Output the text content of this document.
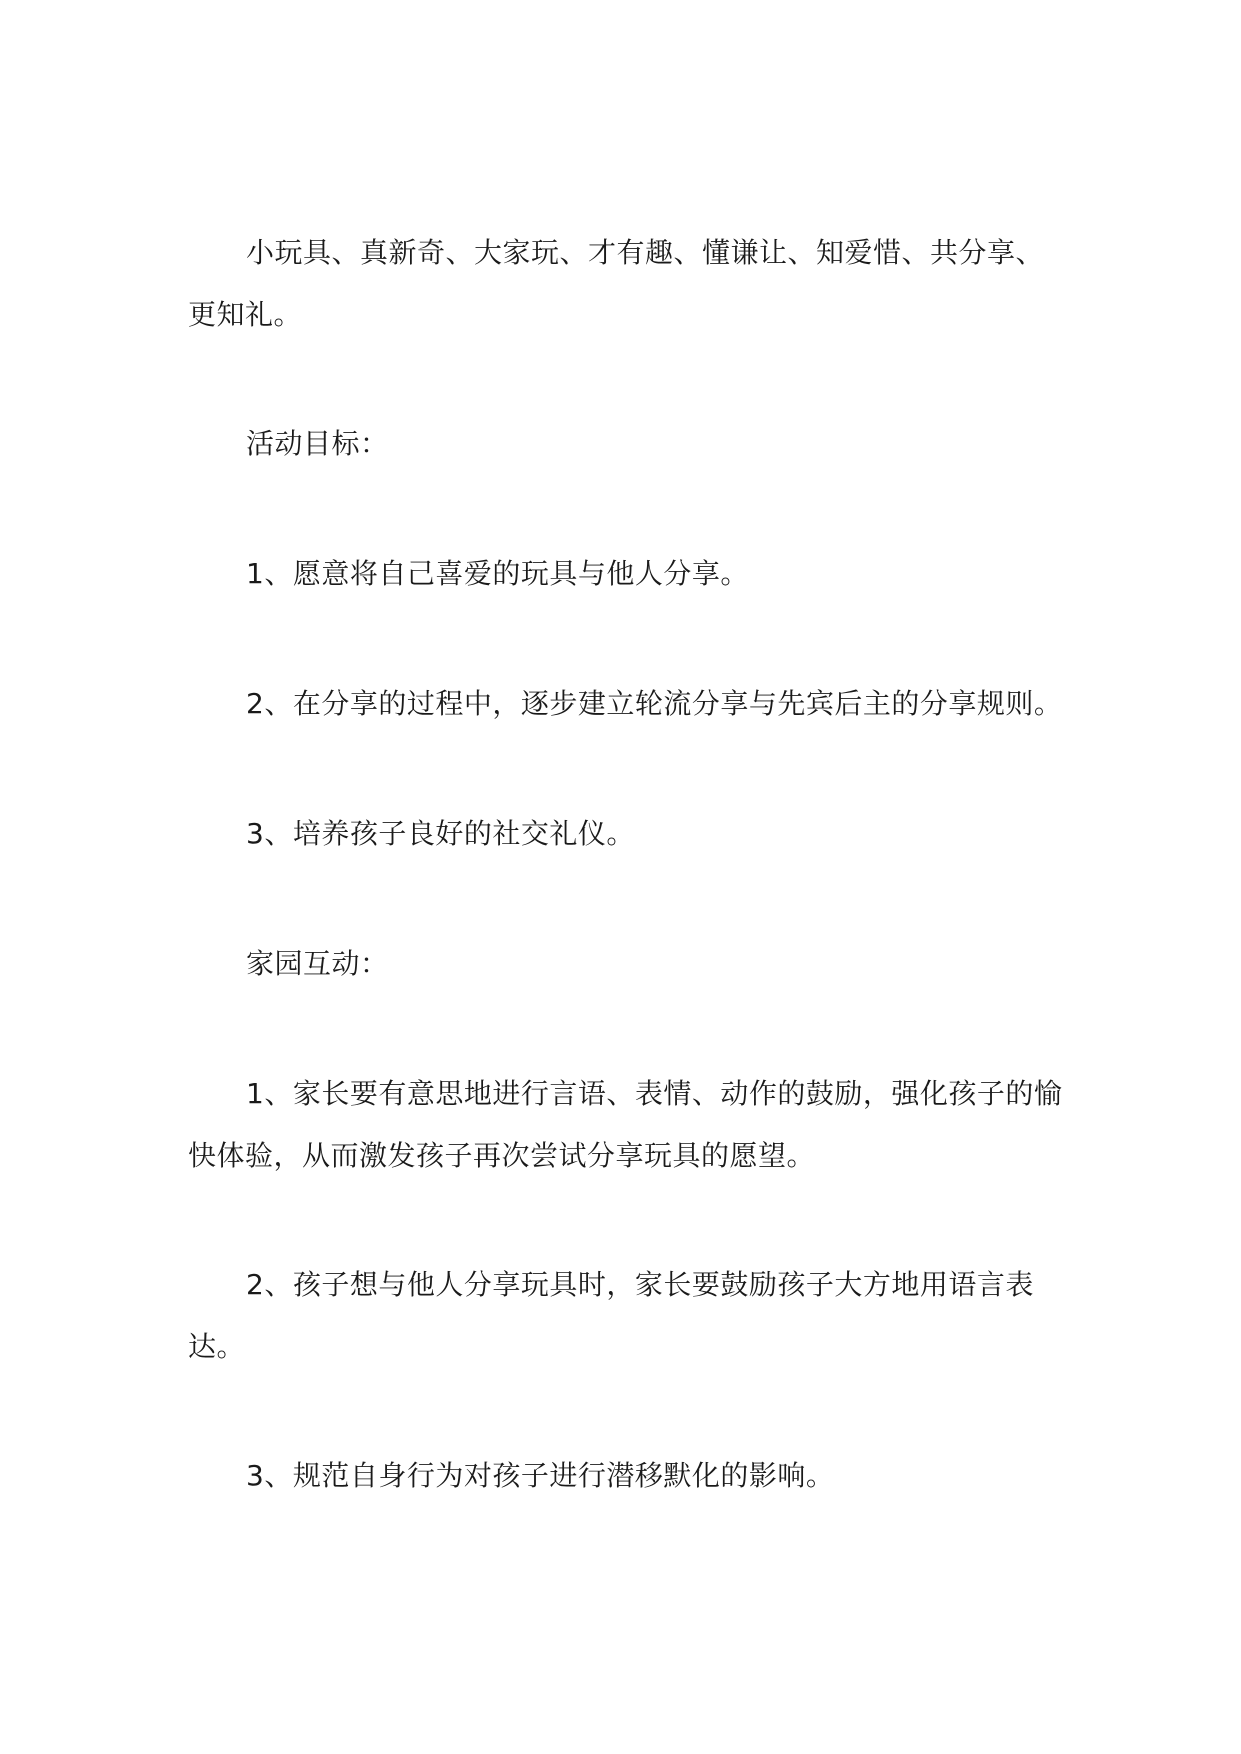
小玩具、真新奇、大家玩、才有趣、懂谦让、知爱惜、共分享、更知礼。

活动目标：

1、愿意将自己喜爱的玩具与他人分享。

2、在分享的过程中，逐步建立轮流分享与先宾后主的分享规则。

3、培养孩子良好的社交礼仪。

家园互动：

1、家长要有意思地进行言语、表情、动作的鼓励，强化孩子的愉快体验，从而激发孩子再次尝试分享玩具的愿望。

2、孩子想与他人分享玩具时，家长要鼓励孩子大方地用语言表达。

3、规范自身行为对孩子进行潜移默化的影响。
